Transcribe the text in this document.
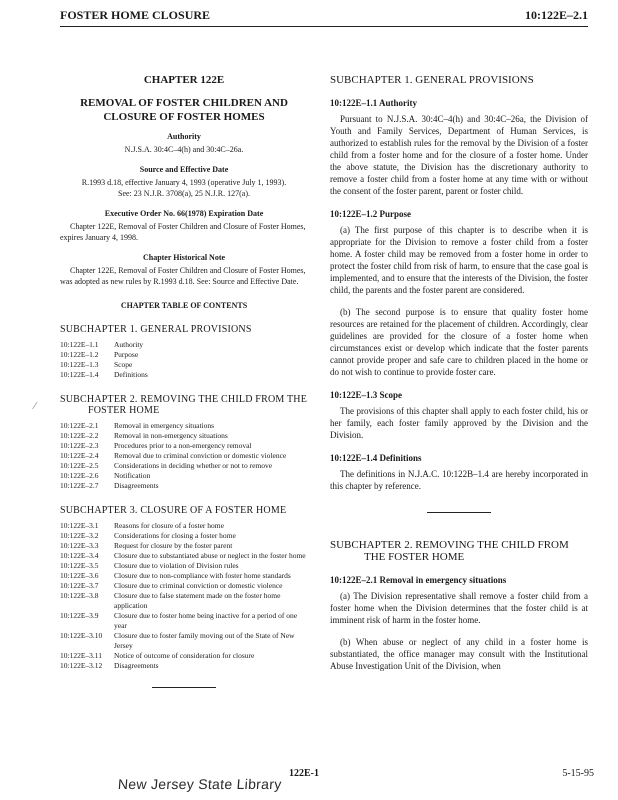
FOSTER HOME CLOSURE	10:122E–2.1
CHAPTER 122E
REMOVAL OF FOSTER CHILDREN AND
CLOSURE OF FOSTER HOMES
Authority
N.J.S.A. 30:4C–4(h) and 30:4C–26a.
Source and Effective Date
R.1993 d.18, effective January 4, 1993 (operative July 1, 1993).
See: 23 N.J.R. 3708(a), 25 N.J.R. 127(a).
Executive Order No. 66(1978) Expiration Date
Chapter 122E, Removal of Foster Children and Closure of Foster Homes, expires January 4, 1998.
Chapter Historical Note
Chapter 122E, Removal of Foster Children and Closure of Foster Homes, was adopted as new rules by R.1993 d.18. See: Source and Effective Date.
CHAPTER TABLE OF CONTENTS
SUBCHAPTER 1. GENERAL PROVISIONS
10:122E–1.1	Authority
10:122E–1.2	Purpose
10:122E–1.3	Scope
10:122E–1.4	Definitions
SUBCHAPTER 2. REMOVING THE CHILD FROM THE
FOSTER HOME
10:122E–2.1	Removal in emergency situations
10:122E–2.2	Removal in non-emergency situations
10:122E–2.3	Procedures prior to a non-emergency removal
10:122E–2.4	Removal due to criminal conviction or domestic violence
10:122E–2.5	Considerations in deciding whether or not to remove
10:122E–2.6	Notification
10:122E–2.7	Disagreements
SUBCHAPTER 3. CLOSURE OF A FOSTER HOME
10:122E–3.1	Reasons for closure of a foster home
10:122E–3.2	Considerations for closing a foster home
10:122E–3.3	Request for closure by the foster parent
10:122E–3.4	Closure due to substantiated abuse or neglect in the foster home
10:122E–3.5	Closure due to violation of Division rules
10:122E–3.6	Closure due to non-compliance with foster home standards
10:122E–3.7	Closure due to criminal conviction or domestic violence
10:122E–3.8	Closure due to false statement made on the foster home application
10:122E–3.9	Closure due to foster home being inactive for a period of one year
10:122E–3.10	Closure due to foster family moving out of the State of New Jersey
10:122E–3.11	Notice of outcome of consideration for closure
10:122E–3.12	Disagreements
SUBCHAPTER 1. GENERAL PROVISIONS
10:122E–1.1 Authority

Pursuant to N.J.S.A. 30:4C–4(h) and 30:4C–26a, the Division of Youth and Family Services, Department of Human Services, is authorized to establish rules for the removal by the Division of a foster child from a foster home and for the closure of a foster home. Under the above statute, the Division has the discretionary authority to remove a foster child from a foster home at any time with or without the consent of the foster parent, parent or foster child.

10:122E–1.2 Purpose

(a) The first purpose of this chapter is to describe when it is appropriate for the Division to remove a foster child from a foster home. A foster child may be removed from a foster home in order to protect the foster child from risk of harm, to ensure that the case goal is implemented, and to ensure that the interests of the Division, the foster child, the parents and the foster parent are considered.

(b) The second purpose is to ensure that quality foster home resources are retained for the placement of children. Accordingly, clear guidelines are provided for the closure of a foster home when circumstances exist or develop which indicate that the foster parents cannot provide proper and safe care to children placed in the home or do not wish to continue to provide foster care.

10:122E–1.3 Scope

The provisions of this chapter shall apply to each foster child, his or her family, each foster family approved by the Division and the Division.

10:122E–1.4 Definitions

The definitions in N.J.A.C. 10:122B–1.4 are hereby incorporated in this chapter by reference.

SUBCHAPTER 2. REMOVING THE CHILD FROM
THE FOSTER HOME
10:122E–2.1 Removal in emergency situations

(a) The Division representative shall remove a foster child from a foster home when the Division determines that the foster child is at imminent risk of harm in the foster home.

(b) When abuse or neglect of any child in a foster home is substantiated, the office manager may consult with the Institutional Abuse Investigation Unit of the Division, when

⁄
122E-1	5-15-95
New Jersey State Library
